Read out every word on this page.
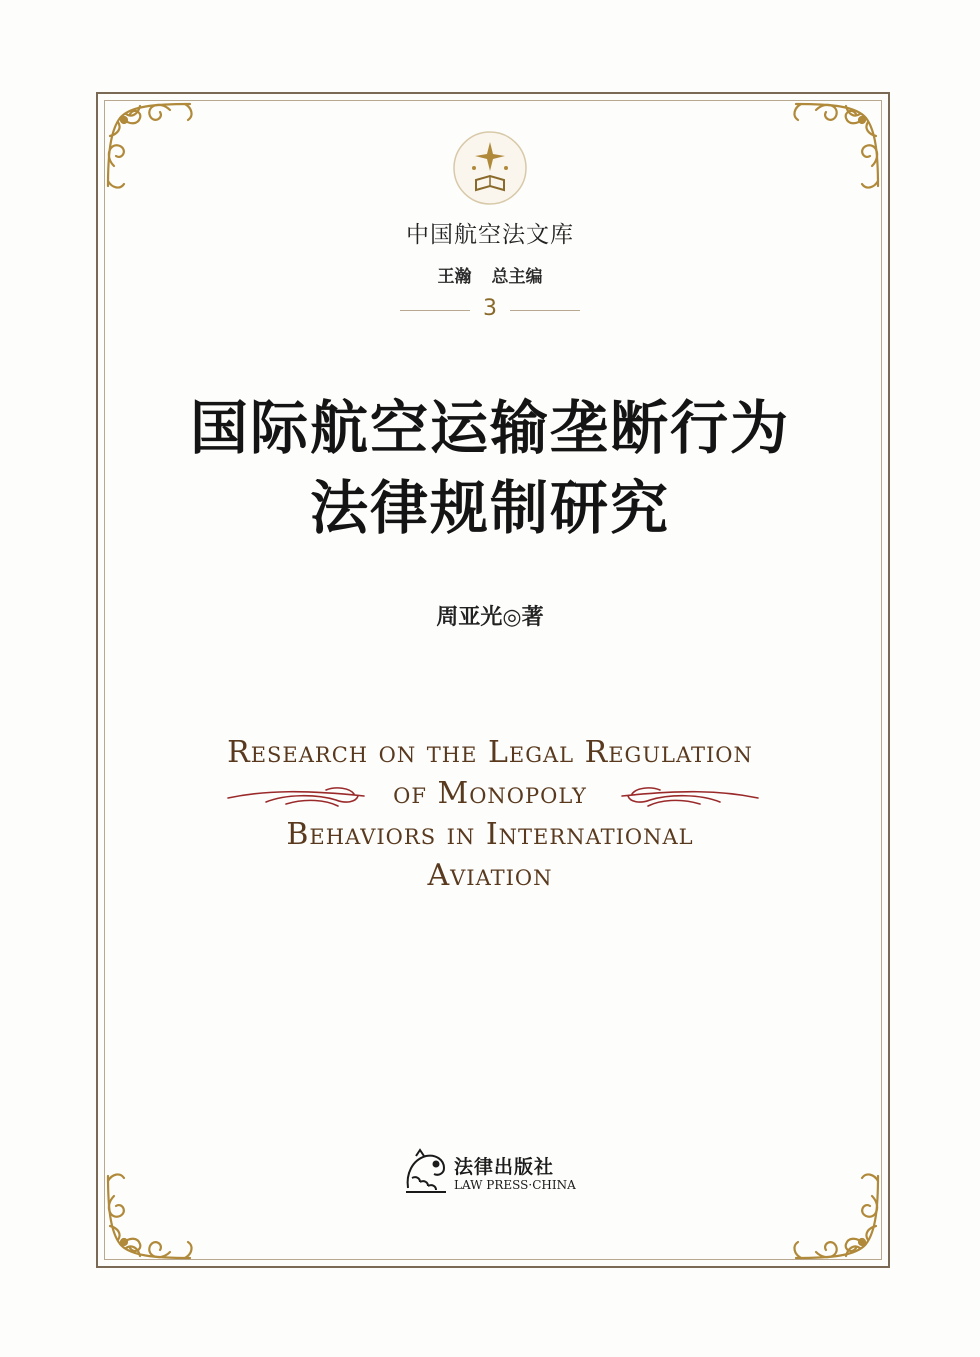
中国航空法文库
王瀚 总主编
3
国际航空运输垄断行为
法律规制研究
周亚光◎著
Research on the Legal Regulation
of Monopoly
Behaviors in International
Aviation
法律出版社
LAW PRESS·CHINA
